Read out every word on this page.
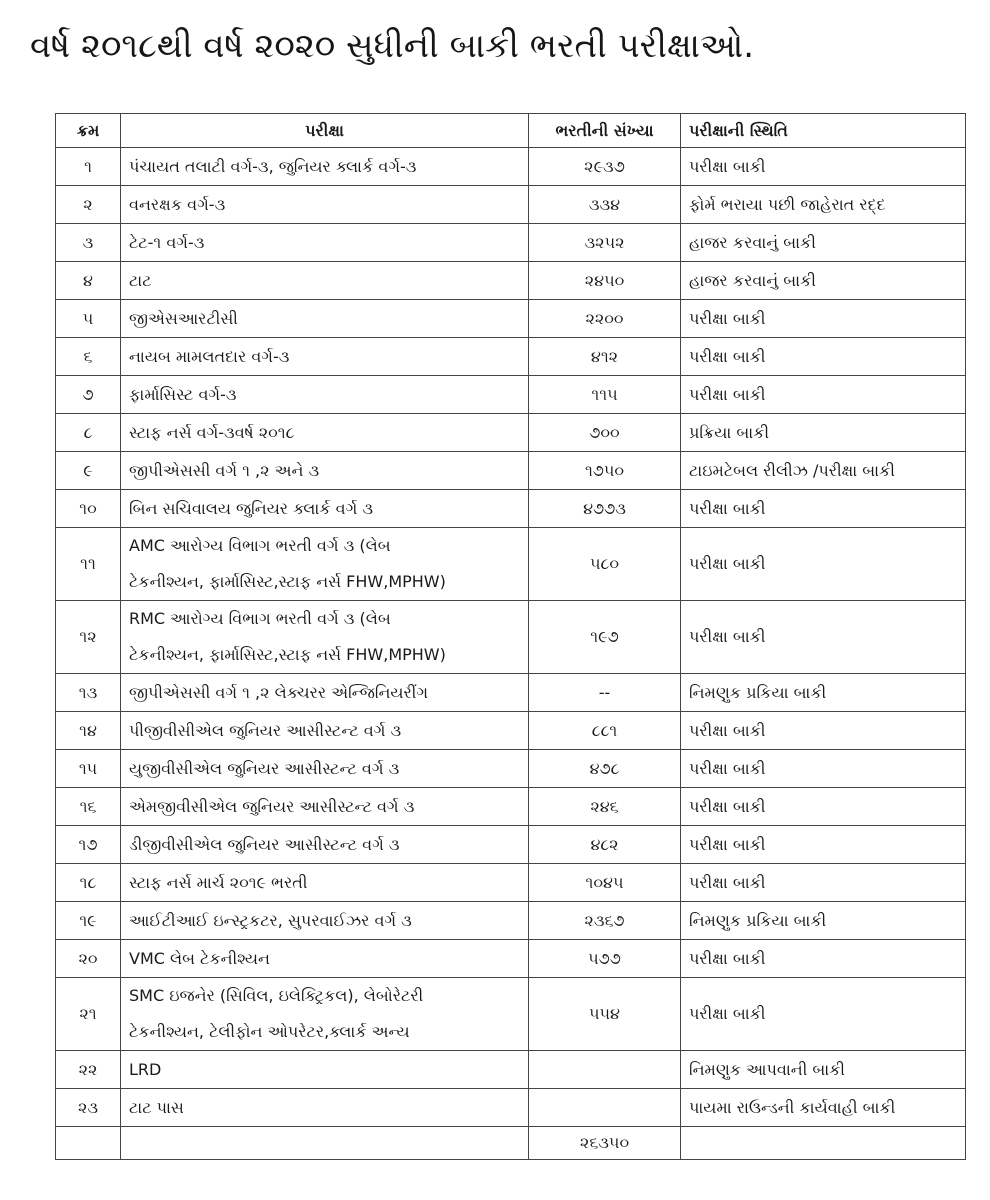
વર્ષ ૨૦૧૮થી વર્ષ ૨૦૨૦ સુધીની બાકી ભરતી પરીક્ષાઓ.
ક્રમ	પરીક્ષા	ભરતીની સંખ્યા	પરીક્ષાની સ્થિતિ
૧	પંચાયત તલાટી વર્ગ-૩, જુનિયર ક્લાર્ક વર્ગ-૩	૨૯૩૭	પરીક્ષા બાકી
૨	વનરક્ષક વર્ગ-૩	૩૩૪	ફોર્મ ભરાયા પછી જાહેરાત રદ્દ
૩	ટેટ-૧ વર્ગ-૩	૩૨૫૨	હાજર કરવાનું બાકી
૪	ટાટ	૨૪૫૦	હાજર કરવાનું બાકી
૫	જીએસઆરટીસી	૨૨૦૦	પરીક્ષા બાકી
૬	નાયબ મામલતદાર વર્ગ-૩	૪૧૨	પરીક્ષા બાકી
૭	ફાર્માસિસ્ટ વર્ગ-૩	૧૧૫	પરીક્ષા બાકી
૮	સ્ટાફ નર્સ વર્ગ-૩વર્ષ ૨૦૧૮	૭૦૦	પ્રક્રિયા બાકી
૯	જીપીએસસી વર્ગ ૧ ,૨ અને ૩	૧૭૫૦	ટાઇમટેબલ રીલીઝ /પરીક્ષા બાકી
૧૦	બિન સચિવાલય જુનિયર ક્લાર્ક વર્ગ ૩	૪૭૭૩	પરીક્ષા બાકી
૧૧	AMC આરોગ્ય વિભાગ ભરતી વર્ગ ૩ (લેબ
ટેકનીશ્યન, ફાર્માસિસ્ટ,સ્ટાફ નર્સ FHW,MPHW)	૫૮૦	પરીક્ષા બાકી
૧૨	RMC આરોગ્ય વિભાગ ભરતી વર્ગ ૩ (લેબ
ટેકનીશ્યન, ફાર્માસિસ્ટ,સ્ટાફ નર્સ FHW,MPHW)	૧૯૭	પરીક્ષા બાકી
૧૩	જીપીએસસી વર્ગ ૧ ,૨ લેક્ચરર એન્જિનિયરીંગ	--	નિમણુક પ્રકિયા બાકી
૧૪	પીજીવીસીએલ જુનિયર આસીસ્ટન્ટ વર્ગ ૩	૮૮૧	પરીક્ષા બાકી
૧૫	યુજીવીસીએલ જુનિયર આસીસ્ટન્ટ વર્ગ ૩	૪૭૮	પરીક્ષા બાકી
૧૬	એમજીવીસીએલ જુનિયર આસીસ્ટન્ટ વર્ગ ૩	૨૪૬	પરીક્ષા બાકી
૧૭	ડીજીવીસીએલ જુનિયર આસીસ્ટન્ટ વર્ગ ૩	૪૮૨	પરીક્ષા બાકી
૧૮	સ્ટાફ નર્સ માર્ચ ૨૦૧૯ ભરતી	૧૦૪૫	પરીક્ષા બાકી
૧૯	આઈટીઆઈ ઇન્સ્ટ્રકટર, સુપરવાઈઝર વર્ગ ૩	૨૩૬૭	નિમણુક પ્રકિયા બાકી
૨૦	VMC લેબ ટેકનીશ્યન	૫૭૭	પરીક્ષા બાકી
૨૧	SMC ઇજનેર (સિવિલ, ઇલેક્ટ્રિકલ), લેબોરેટરી
ટેકનીશ્યન, ટેલીફોન ઓપરેટર,ક્લાર્ક અન્ય	૫૫૪	પરીક્ષા બાકી
૨૨	LRD		નિમણુક આપવાની બાકી
૨૩	ટાટ પાસ		પાયમા રાઉન્ડની કાર્યવાહી બાકી
		૨૬૩૫૦	
